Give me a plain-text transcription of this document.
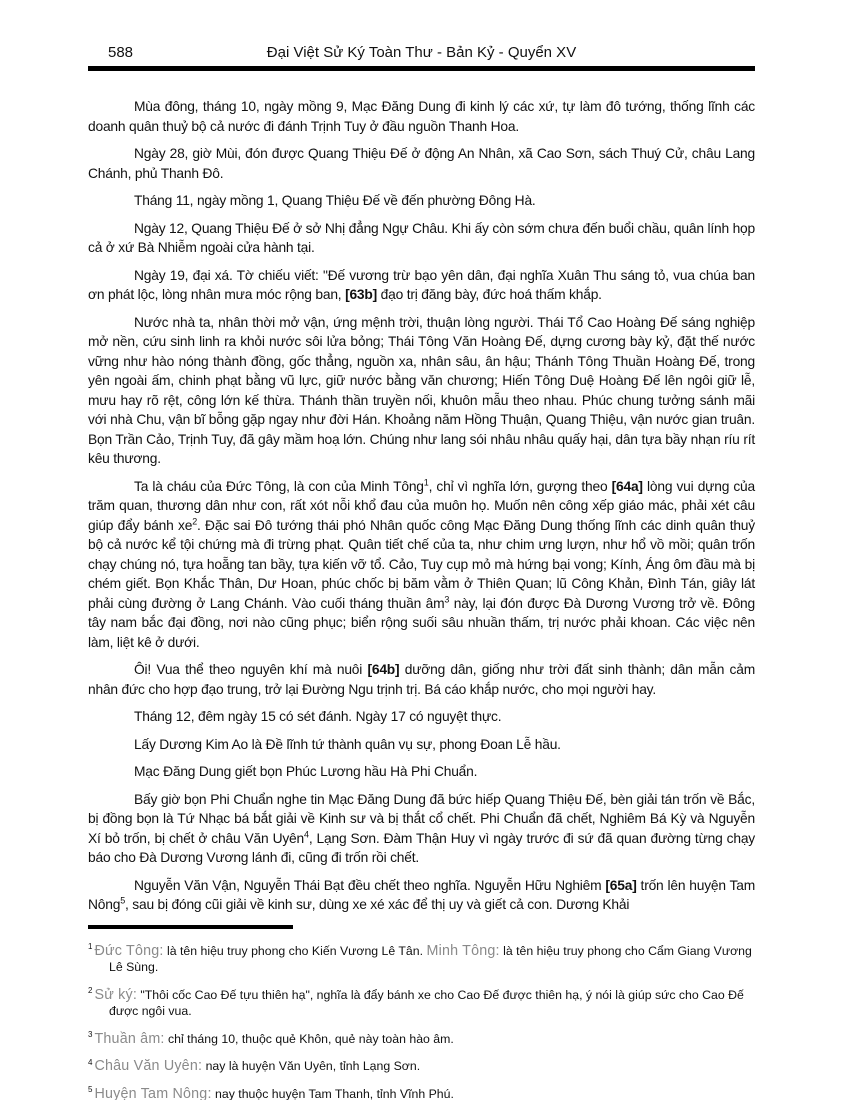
588	Đại Việt Sử Ký Toàn Thư - Bản Kỷ - Quyển XV

Mùa đông, tháng 10, ngày mồng 9, Mạc Đăng Dung đi kinh lý các xứ, tự làm đô tướng, thống lĩnh các doanh quân thuỷ bộ cả nước đi đánh Trịnh Tuy ở đầu nguồn Thanh Hoa.

Ngày 28, giờ Mùi, đón được Quang Thiệu Đế ở động An Nhân, xã Cao Sơn, sách Thuý Cử, châu Lang Chánh, phủ Thanh Đô.

Tháng 11, ngày mồng 1, Quang Thiệu Đế về đến phường Đông Hà.

Ngày 12, Quang Thiệu Đế ở sở Nhị đẳng Ngự Châu. Khi ấy còn sớm chưa đến buổi chầu, quân lính họp cả ở xứ Bà Nhiễm ngoài cửa hành tại.

Ngày 19, đại xá. Tờ chiếu viết: "Đế vương trừ bạo yên dân, đại nghĩa Xuân Thu sáng tỏ, vua chúa ban ơn phát lộc, lòng nhân mưa móc rộng ban, [63b] đạo trị đăng bày, đức hoá thấm khắp.

Nước nhà ta, nhân thời mở vận, ứng mệnh trời, thuận lòng người. Thái Tổ Cao Hoàng Đế sáng nghiệp mở nền, cứu sinh linh ra khỏi nước sôi lửa bỏng; Thái Tông Văn Hoàng Đế, dựng cương bày kỷ, đặt thế nước vững như hào nóng thành đồng, gốc thẳng, nguồn xa, nhân sâu, ân hậu; Thánh Tông Thuần Hoàng Đế, trong yên ngoài ấm, chinh phạt bằng vũ lực, giữ nước bằng văn chương; Hiến Tông Duệ Hoàng Đế lên ngôi giữ lễ, mưu hay rõ rệt, công lớn kế thừa. Thánh thần truyền nối, khuôn mẫu theo nhau. Phúc chung tưởng sánh mãi với nhà Chu, vận bĩ bỗng gặp ngay như đời Hán. Khoảng năm Hồng Thuận, Quang Thiệu, vận nước gian truân. Bọn Trần Cảo, Trịnh Tuy, đã gây mầm hoạ lớn. Chúng như lang sói nhâu nhâu quấy hại, dân tựa bầy nhạn ríu rít kêu thương.

Ta là cháu của Đức Tông, là con của Minh Tông$^1$, chỉ vì nghĩa lớn, gượng theo [64a] lòng vui dựng của trăm quan, thương dân như con, rất xót nỗi khổ đau của muôn họ. Muốn nên công xếp giáo mác, phải xét câu giúp đẩy bánh $xe^2$. Đặc sai Đô tướng thái phó Nhân quốc công Mạc Đăng Dung thống lĩnh các dinh quân thuỷ bộ cả nước kể tội chứng mà đi trừng phạt. Quân tiết chế của ta, như chim ưng lượn, như hổ vồ mồi; quân trốn chạy chúng nó, tựa hoẵng tan bầy, tựa kiến vỡ tổ. Cảo, Tuy cụp mỏ mà hứng bại vong; Kính, Áng ôm đầu mà bị chém giết. Bọn Khắc Thân, Dư Hoan, phúc chốc bị băm vằm ở Thiên Quan; lũ Công Khản, Đình Tán, giây lát phải cùng đường ở Lang Chánh. Vào cuối tháng thuần $âm^3$ này, lại đón được Đà Dương Vương trở về. Đông tây nam bắc đại đồng, nơi nào cũng phục; biển rộng suối sâu nhuần thấm, trị nước phải khoan. Các việc nên làm, liệt kê ở dưới.

Ôi! Vua thể theo nguyên khí mà nuôi [64b] dưỡng dân, giống như trời đất sinh thành; dân mẫn cảm nhân đức cho hợp đạo trung, trở lại Đường Ngu trịnh trị. Bá cáo khắp nước, cho mọi người hay.

Tháng 12, đêm ngày 15 có sét đánh. Ngày 17 có nguyệt thực.

Lấy Dương Kim Ao là Đề lĩnh tứ thành quân vụ sự, phong Đoan Lễ hầu.

Mạc Đăng Dung giết bọn Phúc Lương hầu Hà Phi Chuẩn.

Bấy giờ bọn Phi Chuẩn nghe tin Mạc Đăng Dung đã bức hiếp Quang Thiệu Đế, bèn giải tán trốn về Bắc, bị đồng bọn là Tứ Nhạc bá bắt giải về Kinh sư và bị thắt cổ chết. Phi Chuẩn đã chết, Nghiêm Bá Kỳ và Nguyễn Xí bỏ trốn, bị chết ở châu Văn Uyên$^4$, Lạng Sơn. Đàm Thận Huy vì ngày trước đi sứ đã quan đường từng chạy báo cho Đà Dương Vương lánh đi, cũng đi trốn rồi chết.

Nguyễn Văn Vận, Nguyễn Thái Bạt đều chết theo nghĩa. Nguyễn Hữu Nghiêm [65a] trốn lên huyện Tam Nông$^5$, sau bị đóng cũi giải về kinh sư, dùng xe xé xác để thị uy và giết cả con. Dương Khải

$^1$ Đức Tông: là tên hiệu truy phong cho Kiến Vương Lê Tân. Minh Tông: là tên hiệu truy phong cho Cẩm Giang Vương Lê Sùng.

$^2$ Sử ký: "Thôi cốc Cao Đế tựu thiên hạ", nghĩa là đẩy bánh xe cho Cao Đế được thiên hạ, ý nói là giúp sức cho Cao Đế được ngôi vua.

$^3$ Thuần âm: chỉ tháng 10, thuộc quẻ Khôn, quẻ này toàn hào âm.

$^4$ Châu Văn Uyên: nay là huyện Văn Uyên, tỉnh Lạng Sơn.

$^5$ Huyện Tam Nông: nay thuộc huyện Tam Thanh, tỉnh Vĩnh Phú.
